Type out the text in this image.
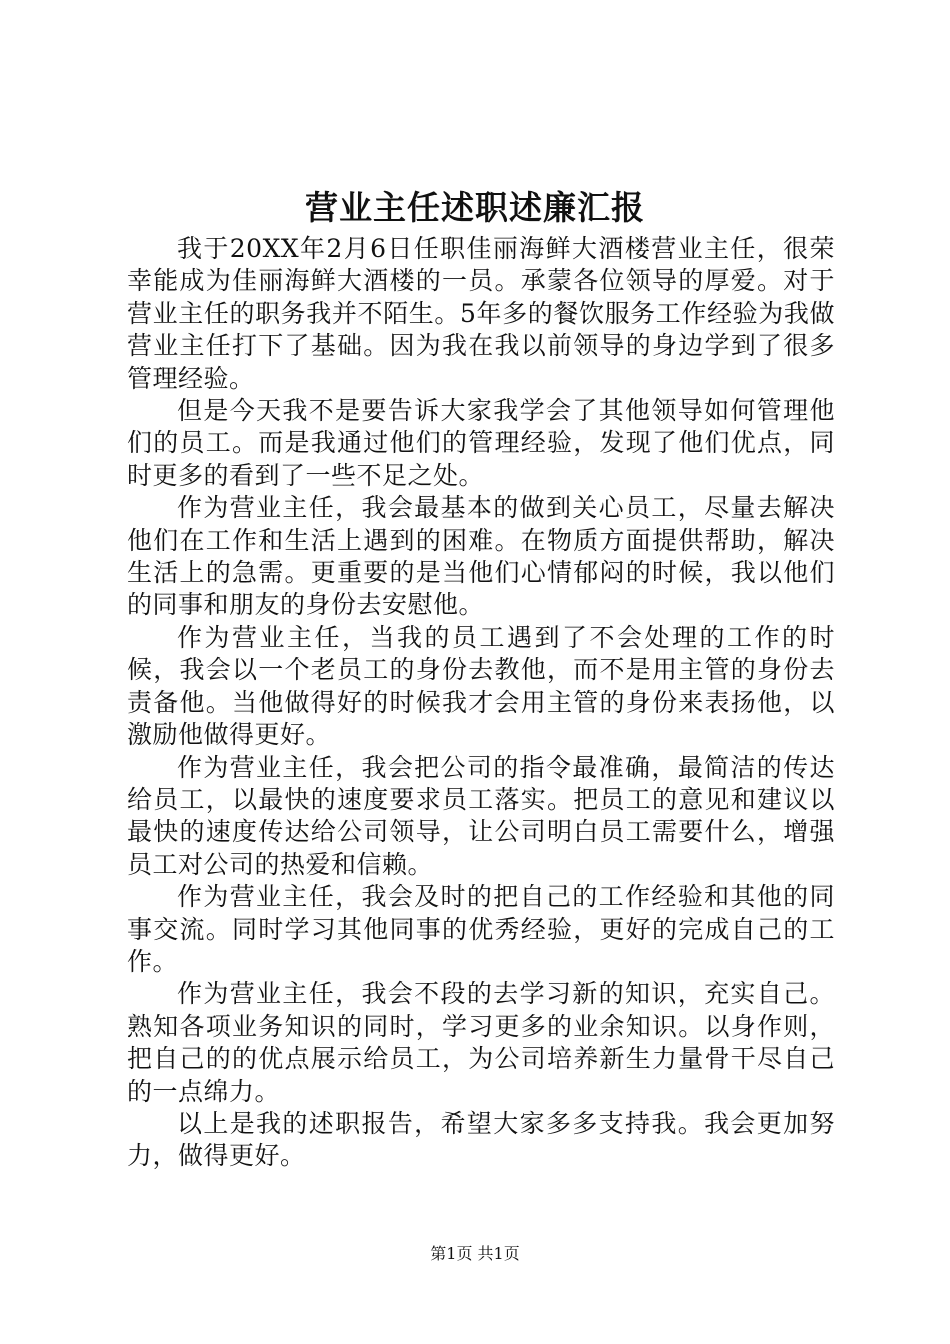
营业主任述职述廉汇报

我于20XX年2月6日任职佳丽海鲜大酒楼营业主任，很荣幸能成为佳丽海鲜大酒楼的一员。承蒙各位领导的厚爱。对于营业主任的职务我并不陌生。5年多的餐饮服务工作经验为我做营业主任打下了基础。因为我在我以前领导的身边学到了很多管理经验。

但是今天我不是要告诉大家我学会了其他领导如何管理他们的员工。而是我通过他们的管理经验，发现了他们优点，同时更多的看到了一些不足之处。

作为营业主任，我会最基本的做到关心员工，尽量去解决他们在工作和生活上遇到的困难。在物质方面提供帮助，解决生活上的急需。更重要的是当他们心情郁闷的时候，我以他们的同事和朋友的身份去安慰他。

作为营业主任，当我的员工遇到了不会处理的工作的时候，我会以一个老员工的身份去教他，而不是用主管的身份去责备他。当他做得好的时候我才会用主管的身份来表扬他，以激励他做得更好。

作为营业主任，我会把公司的指令最准确，最简洁的传达给员工，以最快的速度要求员工落实。把员工的意见和建议以最快的速度传达给公司领导，让公司明白员工需要什么，增强员工对公司的热爱和信赖。

作为营业主任，我会及时的把自己的工作经验和其他的同事交流。同时学习其他同事的优秀经验，更好的完成自己的工作。

作为营业主任，我会不段的去学习新的知识，充实自己。熟知各项业务知识的同时，学习更多的业余知识。以身作则，把自己的的优点展示给员工，为公司培养新生力量骨干尽自己的一点绵力。

以上是我的述职报告，希望大家多多支持我。我会更加努力，做得更好。

第1页 共1页
